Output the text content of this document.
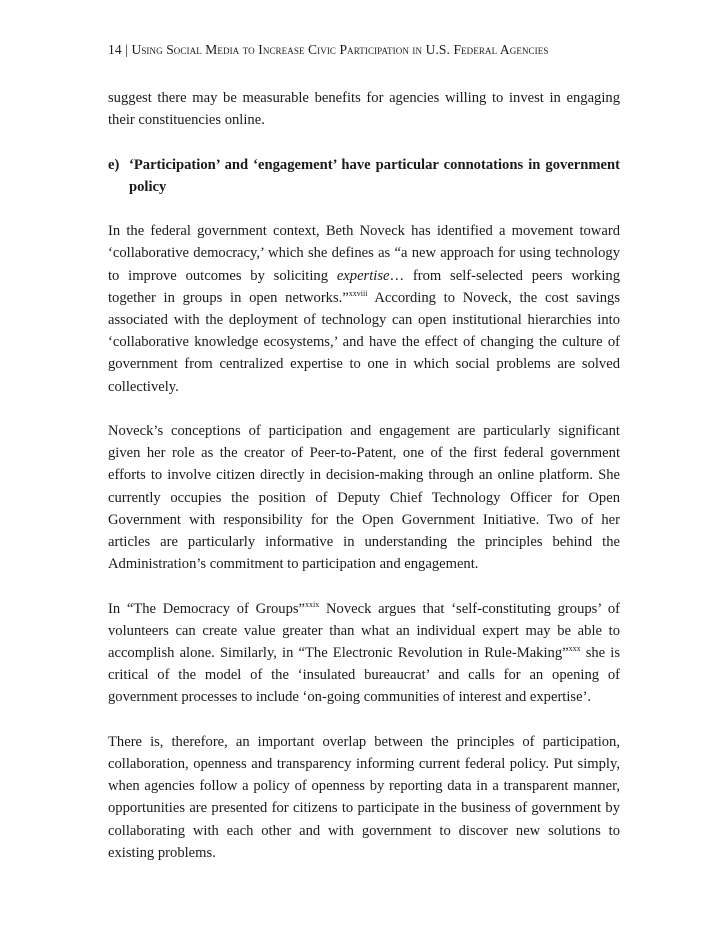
14 | Using Social Media to Increase Civic Participation in U.S. Federal Agencies

suggest there may be measurable benefits for agencies willing to invest in engaging their constituencies online.

e) ‘Participation’ and ‘engagement’ have particular connotations in government policy

In the federal government context, Beth Noveck has identified a movement toward ‘collaborative democracy,’ which she defines as “a new approach for using technology to improve outcomes by soliciting expertise… from self-selected peers working together in groups in open networks.”$^{xxviii}$ According to Noveck, the cost savings associated with the deployment of technology can open institutional hierarchies into ‘collaborative knowledge ecosystems,’ and have the effect of changing the culture of government from centralized expertise to one in which social problems are solved collectively.

Noveck’s conceptions of participation and engagement are particularly significant given her role as the creator of Peer-to-Patent, one of the first federal government efforts to involve citizen directly in decision-making through an online platform. She currently occupies the position of Deputy Chief Technology Officer for Open Government with responsibility for the Open Government Initiative. Two of her articles are particularly informative in understanding the principles behind the Administration’s commitment to participation and engagement.

In “The Democracy of Groups”$^{xxix}$ Noveck argues that ‘self-constituting groups’ of volunteers can create value greater than what an individual expert may be able to accomplish alone. Similarly, in “The Electronic Revolution in Rule-Making”$^{xxx}$ she is critical of the model of the ‘insulated bureaucrat’ and calls for an opening of government processes to include ‘on-going communities of interest and expertise’.

There is, therefore, an important overlap between the principles of participation, collaboration, openness and transparency informing current federal policy. Put simply, when agencies follow a policy of openness by reporting data in a transparent manner, opportunities are presented for citizens to participate in the business of government by collaborating with each other and with government to discover new solutions to existing problems.
